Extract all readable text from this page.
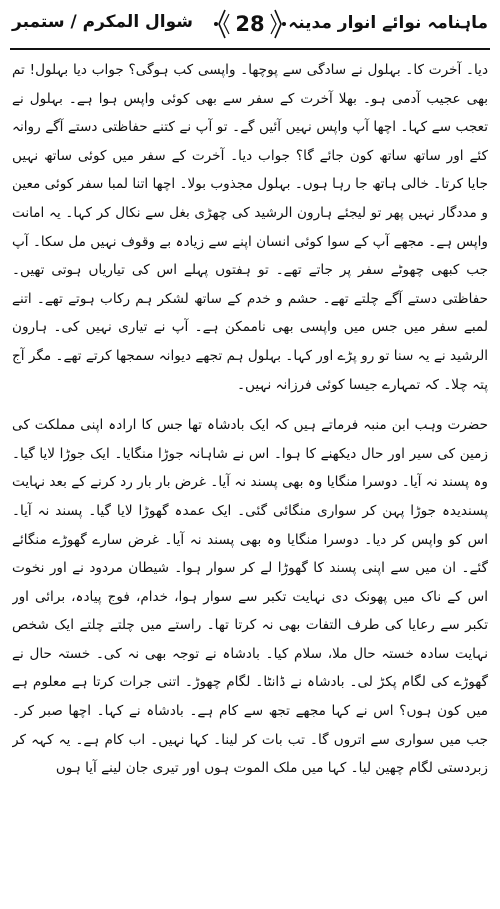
ماہنامہ نوائے انوار مدینہ
28
شوال المکرم / ستمبر

دیا۔ آخرت کا۔ بہلول نے سادگی سے پوچھا۔ واپسی کب ہوگی؟ جواب دیا بہلول! تم بھی عجیب آدمی ہو۔ بھلا آخرت کے سفر سے بھی کوئی واپس ہوا ہے۔ بہلول نے تعجب سے کہا۔ اچھا آپ واپس نہیں آئیں گے۔ تو آپ نے کتنے حفاظتی دستے آگے روانہ کئے اور ساتھ ساتھ کون جائے گا؟ جواب دیا۔ آخرت کے سفر میں کوئی ساتھ نہیں جایا کرتا۔ خالی ہاتھ جا رہا ہوں۔ بہلول مجذوب بولا۔ اچھا اتنا لمبا سفر کوئی معین و مددگار نہیں پھر تو لیجئے ہارون الرشید کی چھڑی بغل سے نکال کر کہا۔ یہ امانت واپس ہے۔ مجھے آپ کے سوا کوئی انسان اپنے سے زیادہ بے وقوف نہیں مل سکا۔ آپ جب کبھی چھوٹے سفر پر جاتے تھے۔ تو ہفتوں پہلے اس کی تیاریاں ہوتی تھیں۔ حفاظتی دستے آگے چلتے تھے۔ حشم و خدم کے ساتھ لشکر ہم رکاب ہوتے تھے۔ اتنے لمبے سفر میں جس میں واپسی بھی ناممکن ہے۔ آپ نے تیاری نہیں کی۔ ہارون الرشید نے یہ سنا تو رو پڑے اور کہا۔ بہلول ہم تجھے دیوانہ سمجھا کرتے تھے۔ مگر آج پتہ چلا۔ کہ تمہارے جیسا کوئی فرزانہ نہیں۔

حضرت وہب ابن منبہ فرماتے ہیں کہ ایک بادشاہ تھا جس کا ارادہ اپنی مملکت کی زمین کی سیر اور حال دیکھنے کا ہوا۔ اس نے شاہانہ جوڑا منگایا۔ ایک جوڑا لایا گیا۔ وہ پسند نہ آیا۔ دوسرا منگایا وہ بھی پسند نہ آیا۔ غرض بار بار رد کرنے کے بعد نہایت پسندیدہ جوڑا پہن کر سواری منگائی گئی۔ ایک عمدہ گھوڑا لایا گیا۔ پسند نہ آیا۔ اس کو واپس کر دیا۔ دوسرا منگایا وہ بھی پسند نہ آیا۔ غرض سارے گھوڑے منگائے گئے۔ ان میں سے اپنی پسند کا گھوڑا لے کر سوار ہوا۔ شیطان مردود نے اور نخوت اس کے ناک میں پھونک دی نہایت تکبر سے سوار ہوا، خدام، فوج پیادہ، برائی اور تکبر سے رعایا کی طرف التفات بھی نہ کرتا تھا۔ راستے میں چلتے چلتے ایک شخص نہایت سادہ خستہ حال ملا، سلام کیا۔ بادشاہ نے توجہ بھی نہ کی۔ خستہ حال نے گھوڑے کی لگام پکڑ لی۔ بادشاہ نے ڈانٹا۔ لگام چھوڑ۔ اتنی جرات کرتا ہے معلوم ہے میں کون ہوں؟ اس نے کہا مجھے تجھ سے کام ہے۔ بادشاہ نے کہا۔ اچھا صبر کر۔ جب میں سواری سے اتروں گا۔ تب بات کر لینا۔ کہا نہیں۔ اب کام ہے۔ یہ کہہ کر زبردستی لگام چھین لیا۔ کہا میں ملک الموت ہوں اور تیری جان لینے آیا ہوں
